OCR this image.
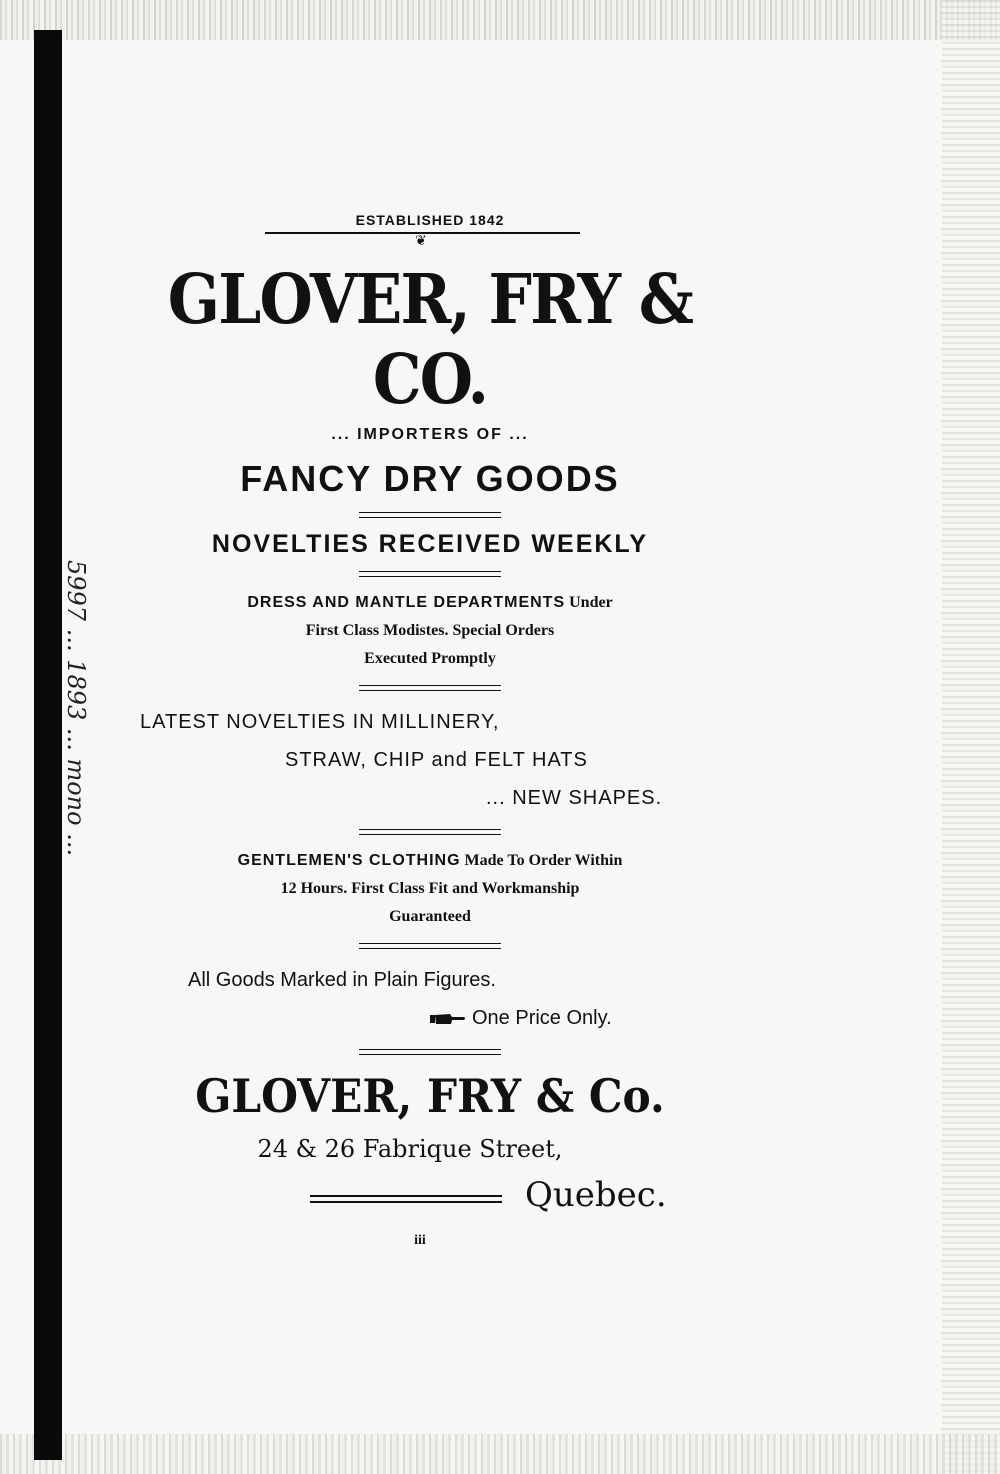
5997 ... 1893 ... mono ...
ESTABLISHED 1842
❦
GLOVER, FRY & CO.
... IMPORTERS OF ...
FANCY DRY GOODS
NOVELTIES RECEIVED WEEKLY
DRESS AND MANTLE DEPARTMENTS Under
First Class Modistes. Special Orders
Executed Promptly
LATEST NOVELTIES IN MILLINERY,
STRAW, CHIP and FELT HATS
... NEW SHAPES.
GENTLEMEN'S CLOTHING Made To Order Within
12 Hours. First Class Fit and Workmanship
Guaranteed
All Goods Marked in Plain Figures.
One Price Only.
GLOVER, FRY & Co.
24 & 26 Fabrique Street,
Quebec.
iii
